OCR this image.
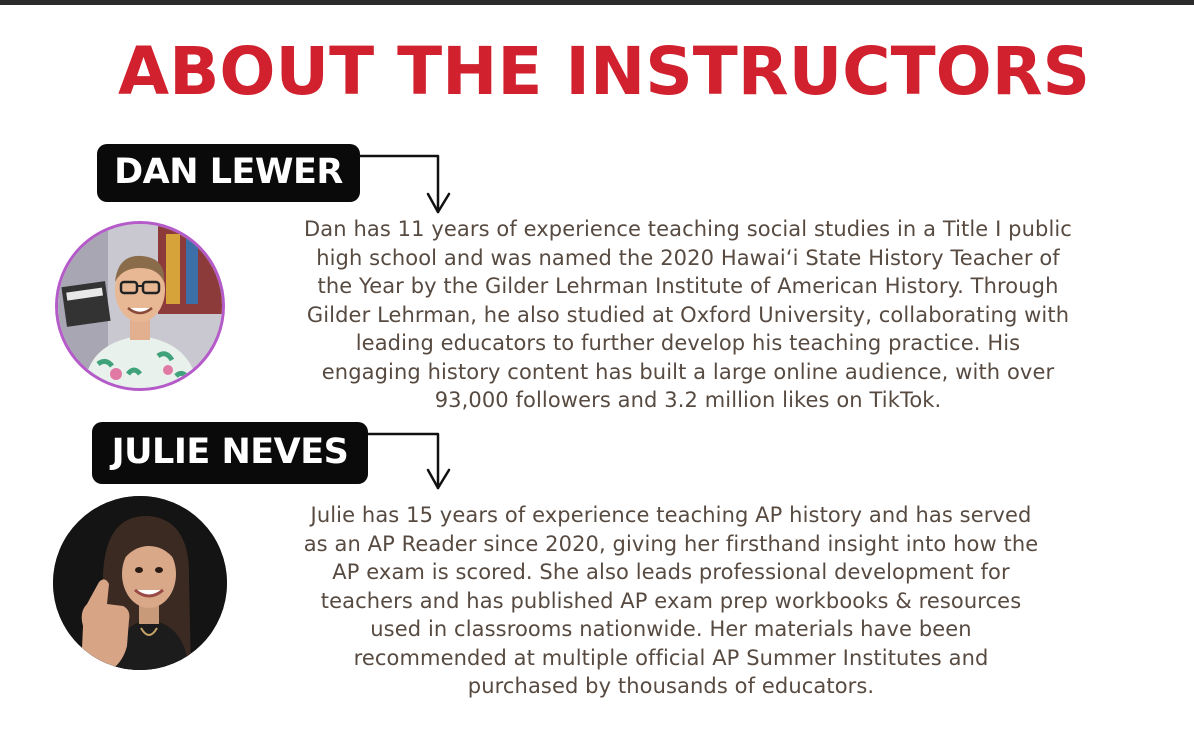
ABOUT THE INSTRUCTORS
DAN LEWER
Dan has 11 years of experience teaching social studies in a Title I public
high school and was named the 2020 Hawai‘i State History Teacher of
the Year by the Gilder Lehrman Institute of American History. Through
Gilder Lehrman, he also studied at Oxford University, collaborating with
leading educators to further develop his teaching practice. His
engaging history content has built a large online audience, with over
93,000 followers and 3.2 million likes on TikTok.
JULIE NEVES
Julie has 15 years of experience teaching AP history and has served
as an AP Reader since 2020, giving her firsthand insight into how the
AP exam is scored. She also leads professional development for
teachers and has published AP exam prep workbooks & resources
used in classrooms nationwide. Her materials have been
recommended at multiple official AP Summer Institutes and
purchased by thousands of educators.
